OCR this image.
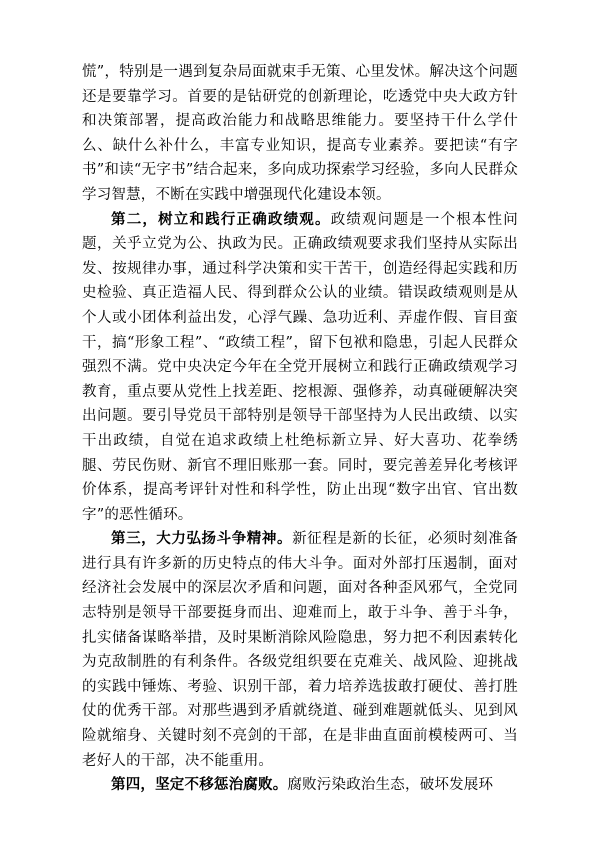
慌”，特别是一遇到复杂局面就束手无策、心里发怵。解决这个问题还是要靠学习。首要的是钻研党的创新理论，吃透党中央大政方针和决策部署，提高政治能力和战略思维能力。要坚持干什么学什么、缺什么补什么，丰富专业知识，提高专业素养。要把读“有字书”和读“无字书”结合起来，多向成功探索学习经验，多向人民群众学习智慧，不断在实践中增强现代化建设本领。

第二，树立和践行正确政绩观。政绩观问题是一个根本性问题，关乎立党为公、执政为民。正确政绩观要求我们坚持从实际出发、按规律办事，通过科学决策和实干苦干，创造经得起实践和历史检验、真正造福人民、得到群众公认的业绩。错误政绩观则是从个人或小团体利益出发，心浮气躁、急功近利、弄虚作假、盲目蛮干，搞“形象工程”、“政绩工程”，留下包袱和隐患，引起人民群众强烈不满。党中央决定今年在全党开展树立和践行正确政绩观学习教育，重点要从党性上找差距、挖根源、强修养，动真碰硬解决突出问题。要引导党员干部特别是领导干部坚持为人民出政绩、以实干出政绩，自觉在追求政绩上杜绝标新立异、好大喜功、花拳绣腿、劳民伤财、新官不理旧账那一套。同时，要完善差异化考核评价体系，提高考评针对性和科学性，防止出现“数字出官、官出数字”的恶性循环。

第三，大力弘扬斗争精神。新征程是新的长征，必须时刻准备进行具有许多新的历史特点的伟大斗争。面对外部打压遏制，面对经济社会发展中的深层次矛盾和问题，面对各种歪风邪气，全党同志特别是领导干部要挺身而出、迎难而上，敢于斗争、善于斗争，扎实储备谋略举措，及时果断消除风险隐患，努力把不利因素转化为克敌制胜的有利条件。各级党组织要在克难关、战风险、迎挑战的实践中锤炼、考验、识别干部，着力培养选拔敢打硬仗、善打胜仗的优秀干部。对那些遇到矛盾就绕道、碰到难题就低头、见到风险就缩身、关键时刻不亮剑的干部，在是非曲直面前模棱两可、当老好人的干部，决不能重用。

第四，坚定不移惩治腐败。腐败污染政治生态，破坏发展环
